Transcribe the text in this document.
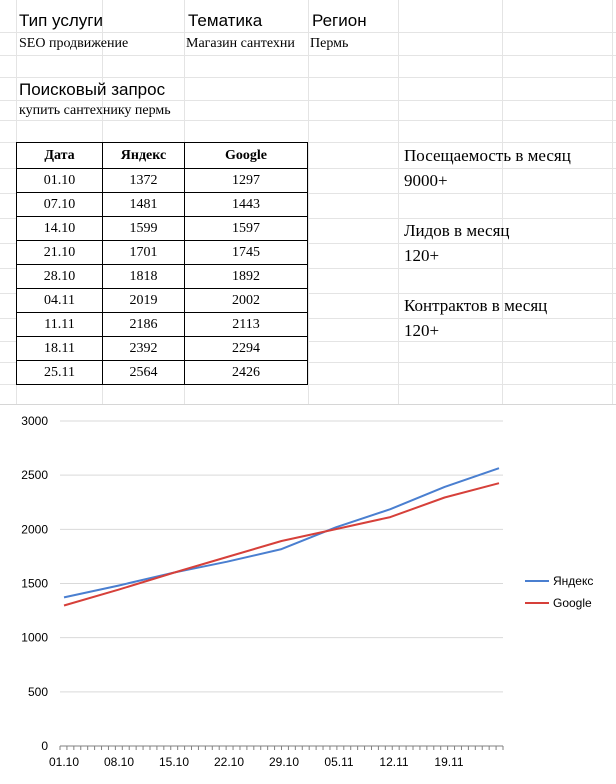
Тип услуги
SEO продвижение
Тематика
Магазин сантехни
Регион
Пермь
Поисковый запрос
купить сантехнику пермь
Дата	Яндекс	Google
01.10	1372	1297
07.10	1481	1443
14.10	1599	1597
21.10	1701	1745
28.10	1818	1892
04.11	2019	2002
11.11	2186	2113
18.11	2392	2294
25.11	2564	2426
Посещаемость в месяц
9000+
Лидов в месяц
120+
Контрактов в месяц
120+
0
500
1000
1500
2000
2500
3000
01.10 08.10 15.10 22.10 29.10 05.11 12.11 19.11
Яндекс
Google
